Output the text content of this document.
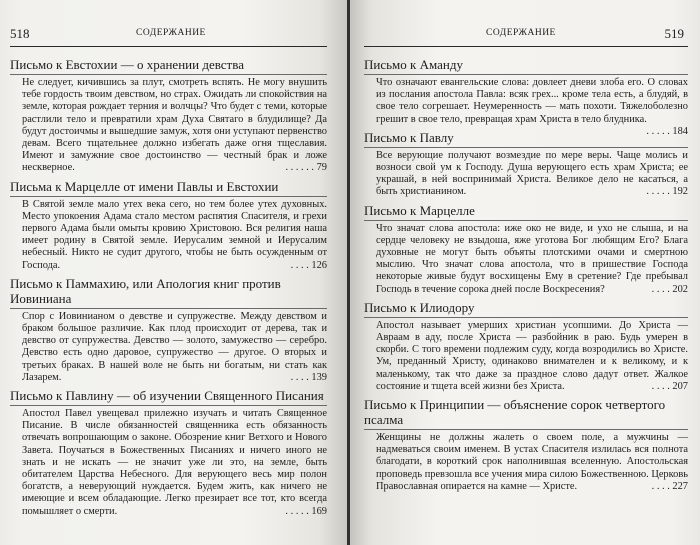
518	СОДЕРЖАНИЕ
Письмо к Евстохии — о хранении девства
Не следует, кичившись за плут, смотреть вспять. Не могу внушить тебе гордость твоим девством, но страх. Ожидать ли спокойствия на земле, которая рождает терния и волчцы? Что будет с теми, которые растлили тело и превратили храм Духа Святаго в блудилище? Да будут достоичмы и вышедшие замуж, хотя они уступают первенство девам. Всего тщательнее должно избегать даже огня тщеславия. Имеют и замужние свое достоинство — честный брак и ложе нескверное.	. . . . . . 79
Письма к Марцелле от имени Павлы и Евстохии
В Святой земле мало утех века сего, но тем более утех духовных. Место упокоения Адама стало местом распятия Спасителя, и грехи первого Адама были омыты кровию Христовою. Вся религия наша имеет родину в Святой земле. Иерусалим земной и Иерусалим небесный. Никто не судит другого, чтобы не быть осужденным от Господа.	. . . . 126
Письмо к Паммахию, или Апология книг против Иовиниана
Спор с Иовинианом о девстве и супружестве. Между девством и браком большое различие. Как плод происходит от дерева, так и девство от супружества. Девство — золото, замужество — серебро. Девство есть одно даровое, супружество — другое. О вторых и третьих браках. В нашей воле не быть ни богатым, ни стать как Лазарем.	. . . . 139
Письмо к Павлину — об изучении Священного Писания
Апостол Павел увещевал прилежно изучать и читать Священное Писание. В числе обязанностей священника есть обязанность отвечать вопрошающим о законе. Обозрение книг Ветхого и Нового Завета. Поучаться в Божественных Писаниях и ничего иного не знать и не искать — не значит уже ли это, на земле, быть обитателем Царства Небесного. Для верующего весь мир полон богатств, а неверующий нуждается. Будем жить, как ничего не имеющие и всем обладающие. Легко презирает все тот, кто всегда помышляет о смерти.	. . . . . 169
СОДЕРЖАНИЕ	519
Письмо к Аманду
Что означают евангельские слова: довлеет дневи злоба его. О словах из послания апостола Павла: всяк грех... кроме тела есть, а блудяй, в свое тело согрешает. Неумеренность — мать похоти. Тяжелоболезно грешит в свое тело, превращая храм Христа в тело блудника.
. . . . . 184
Письмо к Павлу
Все верующие получают возмездие по мере веры. Чаще молись и возноси свой ум к Господу. Душа верующего есть храм Христа; ее украшай, в ней воспринимай Христа. Великое дело не касаться, а быть христианином.	. . . . . 192
Письмо к Марцелле
Что значат слова апостола: иже око не виде, и ухо не слыша, и на сердце человеку не взыдоша, яже уготова Бог любящим Его? Блага духовные не могут быть объяты плотскими очами и смертною мыслию. Что значат слова апостола, что в пришествие Господа некоторые живые будут восхищены Ему в сретение? Где пребывал Господь в течение сорока дней после Воскресения?	. . . . 202
Письмо к Илиодору
Апостол называет умерших христиан усопшими. До Христа — Авраам в аду, после Христа — разбойник в раю. Будь умерен в скорби. С того времени подлежим суду, когда возродились во Христе. Ум, преданный Христу, одинаково внимателен и к великому, и к маленькому, так что даже за праздное слово дадут ответ. Жалкое состояние и тщета всей жизни без Христа.	. . . . 207
Письмо к Принципии — объяснение сорок четвертого псалма
Женщины не должны жалеть о своем поле, а мужчины — надмеваться своим именем. В устах Спасителя излилась вся полнота благодати, в короткий срок наполнившая вселенную. Апостольская проповедь превзошла все учения мира силою Божественною. Церковь Православная опирается на камне — Христе.	. . . . 227
